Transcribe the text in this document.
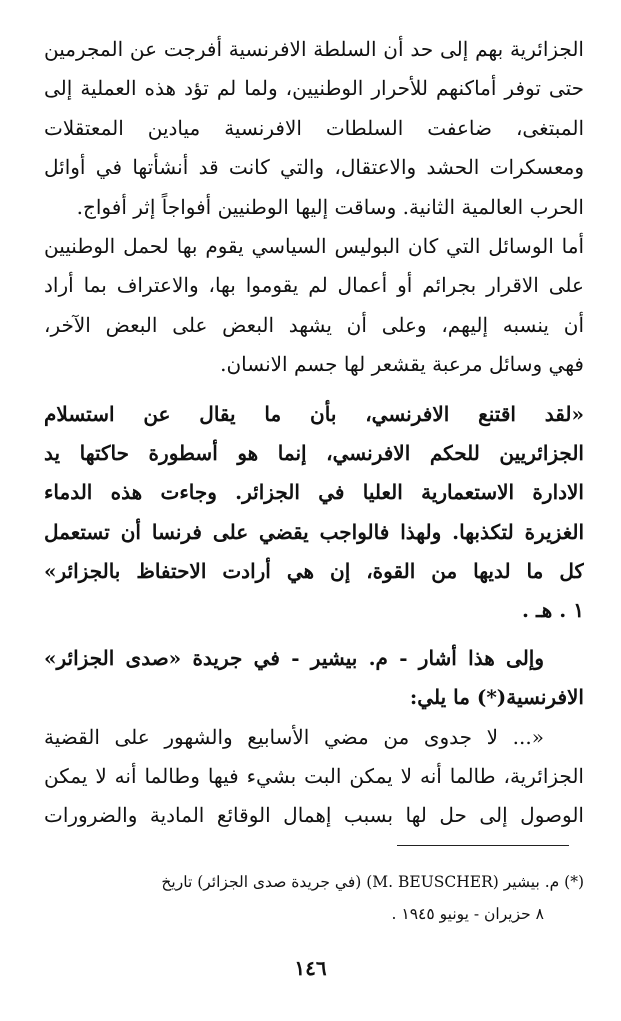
الجزائرية بهم إلى حد أن السلطة الافرنسية أفرجت عن المجرمين
حتى توفر أماكنهم للأحرار الوطنيين، ولما لم تؤد هذه العملية إلى
المبتغى، ضاعفت السلطات الافرنسية ميادين المعتقلات
ومعسكرات الحشد والاعتقال، والتي كانت قد أنشأتها في أوائل
الحرب العالمية الثانية. وساقت إليها الوطنيين أفواجاً إثر أفواج.
أما الوسائل التي كان البوليس السياسي يقوم بها لحمل الوطنيين
على الاقرار بجرائم أو أعمال لم يقوموا بها، والاعتراف بما أراد
أن ينسبه إليهم، وعلى أن يشهد البعض على البعض الآخر،
فهي وسائل مرعبة يقشعر لها جسم الانسان.
«لقد اقتنع الافرنسي، بأن ما يقال عن استسلام
الجزائريين للحكم الافرنسي، إنما هو أسطورة حاكتها يد
الادارة الاستعمارية العليا في الجزائر. وجاءت هذه الدماء
الغزيرة لتكذبها. ولهذا فالواجب يقضي على فرنسا أن تستعمل
كل ما لديها من القوة، إن هي أرادت الاحتفاظ بالجزائر»
١ . هـ .
وإلى هذا أشار - م. بيشير - في جريدة «صدى الجزائر»
الافرنسية(*) ما يلي:
«... لا جدوى من مضي الأسابيع والشهور على القضية
الجزائرية، طالما أنه لا يمكن البت بشيء فيها وطالما أنه لا يمكن
الوصول إلى حل لها بسبب إهمال الوقائع المادية والضرورات
(*) م. بيشير (M. BEUSCHER) (في جريدة صدى الجزائر) تاريخ
٨ حزيران - يونيو ١٩٤٥ .
١٤٦
